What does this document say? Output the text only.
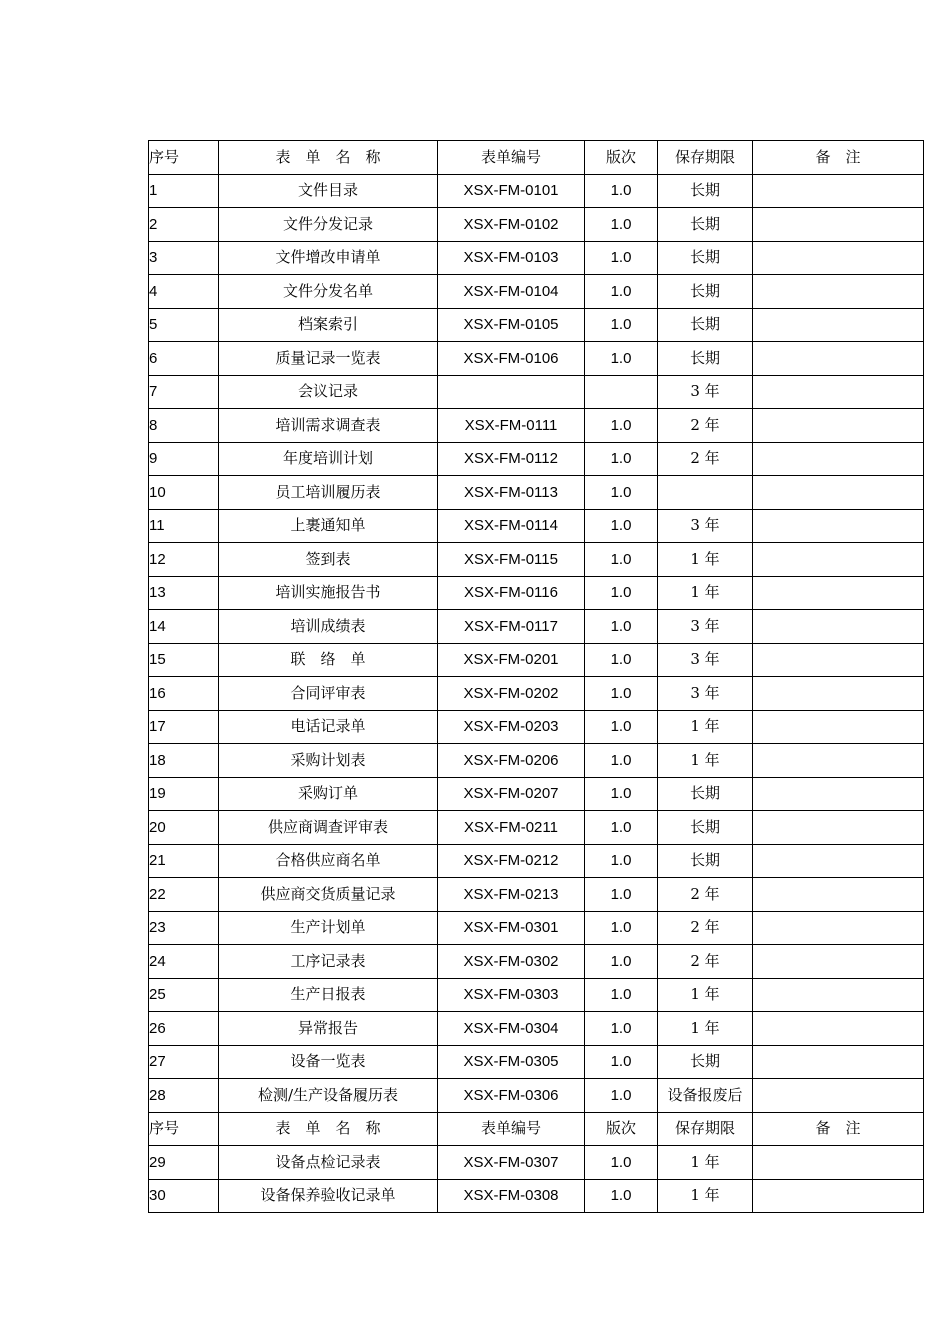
序号	表　单　名　称	表单编号	版次	保存期限	备　注
1	文件目录	XSX-FM-0101	1.0	长期	
2	文件分发记录	XSX-FM-0102	1.0	长期	
3	文件增改申请单	XSX-FM-0103	1.0	长期	
4	文件分发名单	XSX-FM-0104	1.0	长期	
5	档案索引	XSX-FM-0105	1.0	长期	
6	质量记录一览表	XSX-FM-0106	1.0	长期	
7	会议记录			3 年	
8	培训需求调查表	XSX-FM-0111	1.0	2 年	
9	年度培训计划	XSX-FM-0112	1.0	2 年	
10	员工培训履历表	XSX-FM-0113	1.0		
11	上裹通知单	XSX-FM-0114	1.0	3 年	
12	签到表	XSX-FM-0115	1.0	1 年	
13	培训实施报告书	XSX-FM-0116	1.0	1 年	
14	培训成绩表	XSX-FM-0117	1.0	3 年	
15	联　络　单	XSX-FM-0201	1.0	3 年	
16	合同评审表	XSX-FM-0202	1.0	3 年	
17	电话记录单	XSX-FM-0203	1.0	1 年	
18	采购计划表	XSX-FM-0206	1.0	1 年	
19	采购订单	XSX-FM-0207	1.0	长期	
20	供应商调查评审表	XSX-FM-0211	1.0	长期	
21	合格供应商名单	XSX-FM-0212	1.0	长期	
22	供应商交货质量记录	XSX-FM-0213	1.0	2 年	
23	生产计划单	XSX-FM-0301	1.0	2 年	
24	工序记录表	XSX-FM-0302	1.0	2 年	
25	生产日报表	XSX-FM-0303	1.0	1 年	
26	异常报告	XSX-FM-0304	1.0	1 年	
27	设备一览表	XSX-FM-0305	1.0	长期	
28	检测/生产设备履历表	XSX-FM-0306	1.0	设备报废后	
序号	表　单　名　称	表单编号	版次	保存期限	备　注
29	设备点检记录表	XSX-FM-0307	1.0	1 年	
30	设备保养验收记录单	XSX-FM-0308	1.0	1 年	
